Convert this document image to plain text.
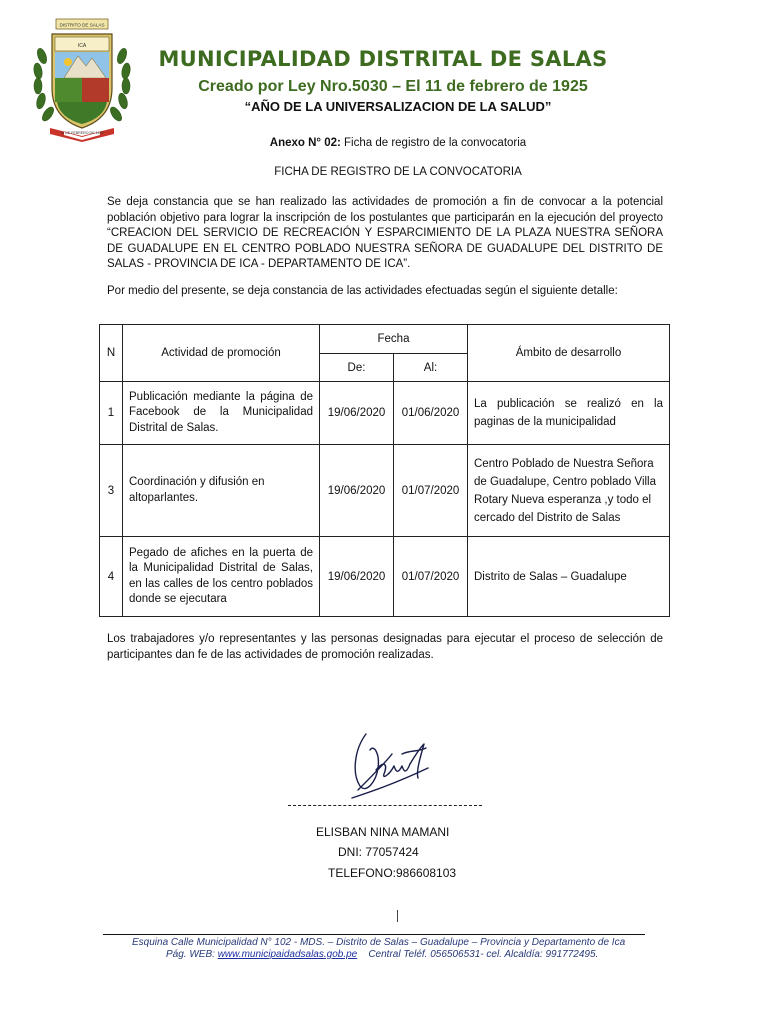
DISTRITO DE SALAS
ICA
11 DE FEBRERO DE 1925
MUNICIPALIDAD DISTRITAL DE SALAS
Creado por Ley Nro.5030 – El 11 de febrero de 1925
“AÑO DE LA UNIVERSALIZACION DE LA SALUD”
Anexo N° 02: Ficha de registro de la convocatoria
FICHA DE REGISTRO DE LA CONVOCATORIA
Se deja constancia que se han realizado las actividades de promoción a fin de convocar a la potencial población objetivo para lograr la inscripción de los postulantes que participarán en la ejecución del proyecto “CREACION DEL SERVICIO DE RECREACIÓN Y ESPARCIMIENTO DE LA PLAZA NUESTRA SEÑORA DE GUADALUPE EN EL CENTRO POBLADO NUESTRA SEÑORA DE GUADALUPE DEL DISTRITO DE SALAS - PROVINCIA DE ICA - DEPARTAMENTO DE ICA”.
Por medio del presente, se deja constancia de las actividades efectuadas según el siguiente detalle:
N	Actividad de promoción	Fecha		Ámbito de desarrollo
		De:	Al:	
1	Publicación mediante la página de Facebook de la Municipalidad Distrital de Salas.	19/06/2020	01/06/2020	La publicación se realizó en la paginas de la municipalidad
3	Coordinación y difusión en altoparlantes.	19/06/2020	01/07/2020	Centro Poblado de Nuestra Señora de Guadalupe, Centro poblado Villa Rotary Nueva esperanza ,y todo el cercado del Distrito de Salas
4	Pegado de afiches en la puerta de la Municipalidad Distrital de Salas, en las calles de los centro poblados donde se ejecutara	19/06/2020	01/07/2020	Distrito de Salas – Guadalupe
Los trabajadores y/o representantes y las personas designadas para ejecutar el proceso de selección de participantes dan fe de las actividades de promoción realizadas.
ELISBAN NINA MAMANI
DNI: 77057424
TELEFONO:986608103
Esquina Calle Municipalidad N° 102 - MDS. – Distrito de Salas – Guadalupe – Provincia y Departamento de Ica
Pág. WEB: www.municipaidadsalas.gob.pe    Central Teléf. 056506531- cel. Alcaldía: 991772495.
